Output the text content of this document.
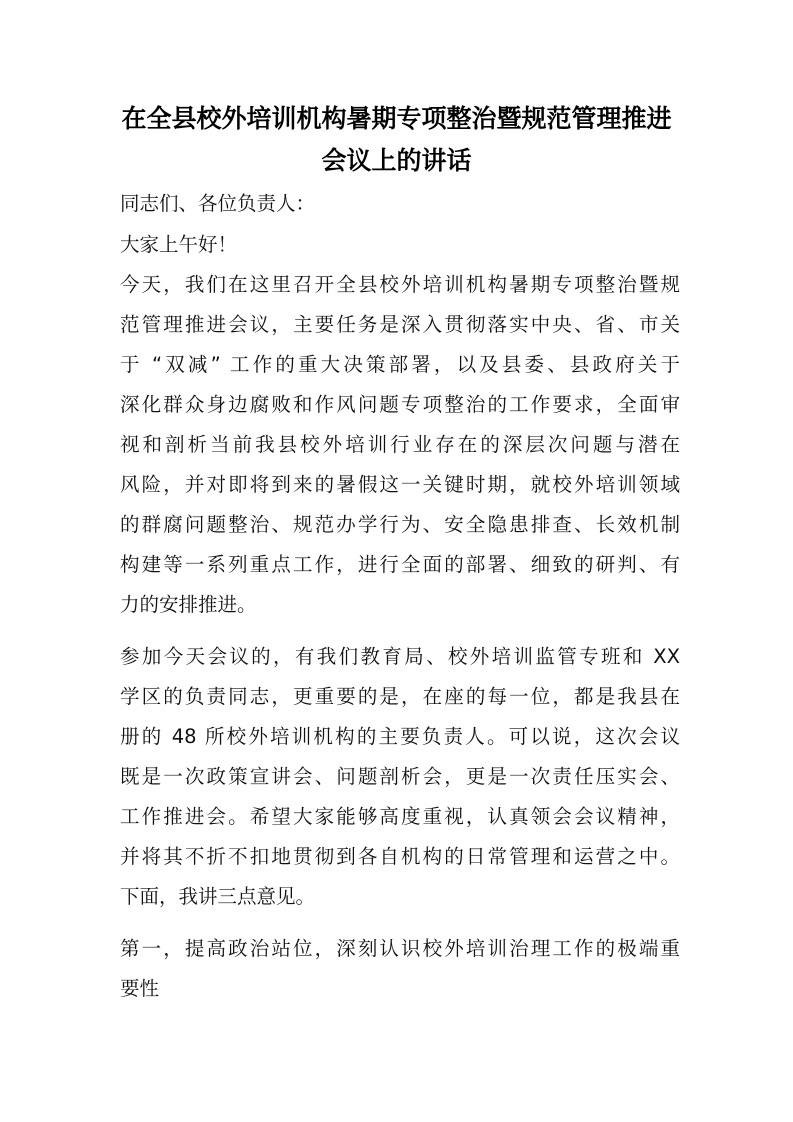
在全县校外培训机构暑期专项整治暨规范管理推进
会议上的讲话
同志们、各位负责人：
大家上午好！
今天，我们在这里召开全县校外培训机构暑期专项整治暨规
范管理推进会议，主要任务是深入贯彻落实中央、省、市关
于 “双减” 工作的重大决策部署，以及县委、县政府关于
深化群众身边腐败和作风问题专项整治的工作要求，全面审
视和剖析当前我县校外培训行业存在的深层次问题与潜在
风险，并对即将到来的暑假这一关键时期，就校外培训领域
的群腐问题整治、规范办学行为、安全隐患排查、长效机制
构建等一系列重点工作，进行全面的部署、细致的研判、有
力的安排推进。
参加今天会议的，有我们教育局、校外培训监管专班和 XX
学区的负责同志，更重要的是，在座的每一位，都是我县在
册的 48 所校外培训机构的主要负责人。可以说，这次会议
既是一次政策宣讲会、问题剖析会，更是一次责任压实会、
工作推进会。希望大家能够高度重视，认真领会会议精神，
并将其不折不扣地贯彻到各自机构的日常管理和运营之中。
下面，我讲三点意见。
第一，提高政治站位，深刻认识校外培训治理工作的极端重
要性
